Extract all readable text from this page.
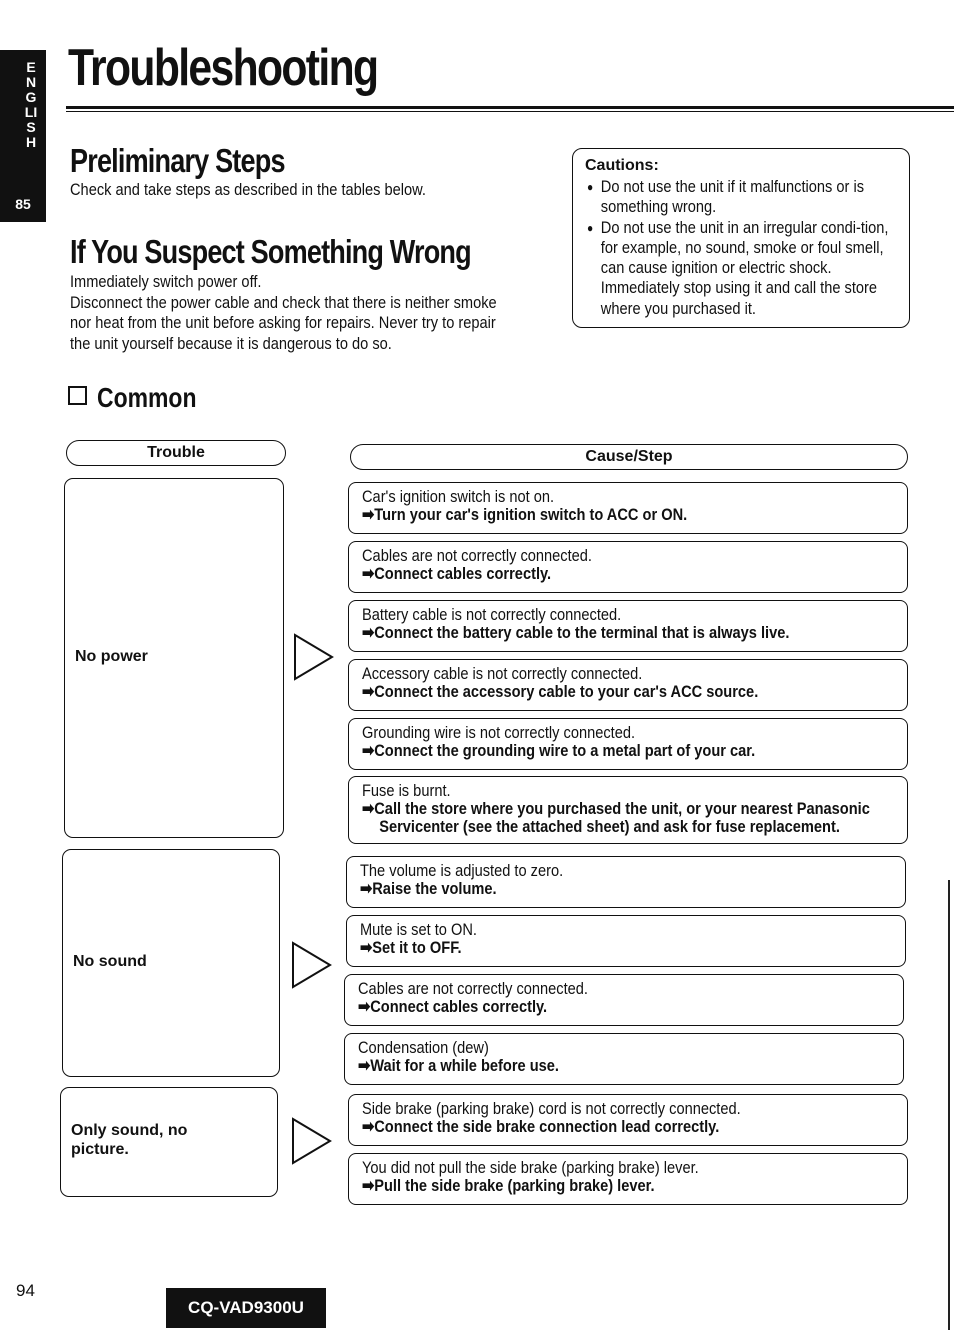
ENGLISH
85
Troubleshooting
Preliminary Steps
Check and take steps as described in the tables below.
If You Suspect Something Wrong
Immediately switch power off.
Disconnect the power cable and check that there is neither smoke
nor heat from the unit before asking for repairs. Never try to repair
the unit yourself because it is dangerous to do so.
Cautions:
● Do not use the unit if it malfunctions or is something wrong.
● Do not use the unit in an irregular condi-tion, for example, no sound, smoke or foul smell, can cause ignition or electric shock. Immediately stop using it and call the store where you purchased it.
Common
Trouble	Cause/Step
No power
No sound
Only sound, no picture.
Car's ignition switch is not on.
➡Turn your car's ignition switch to ACC or ON.
Cables are not correctly connected.
➡Connect cables correctly.
Battery cable is not correctly connected.
➡Connect the battery cable to the terminal that is always live.
Accessory cable is not correctly connected.
➡Connect the accessory cable to your car's ACC source.
Grounding wire is not correctly connected.
➡Connect the grounding wire to a metal part of your car.
Fuse is burnt.
➡Call the store where you purchased the unit, or your nearest Panasonic Servicenter (see the attached sheet) and ask for fuse replacement.
The volume is adjusted to zero.
➡Raise the volume.
Mute is set to ON.
➡Set it to OFF.
Cables are not correctly connected.
➡Connect cables correctly.
Condensation (dew)
➡Wait for a while before use.
Side brake (parking brake) cord is not correctly connected.
➡Connect the side brake connection lead correctly.
You did not pull the side brake (parking brake) lever.
➡Pull the side brake (parking brake) lever.
94
CQ-VAD9300U
